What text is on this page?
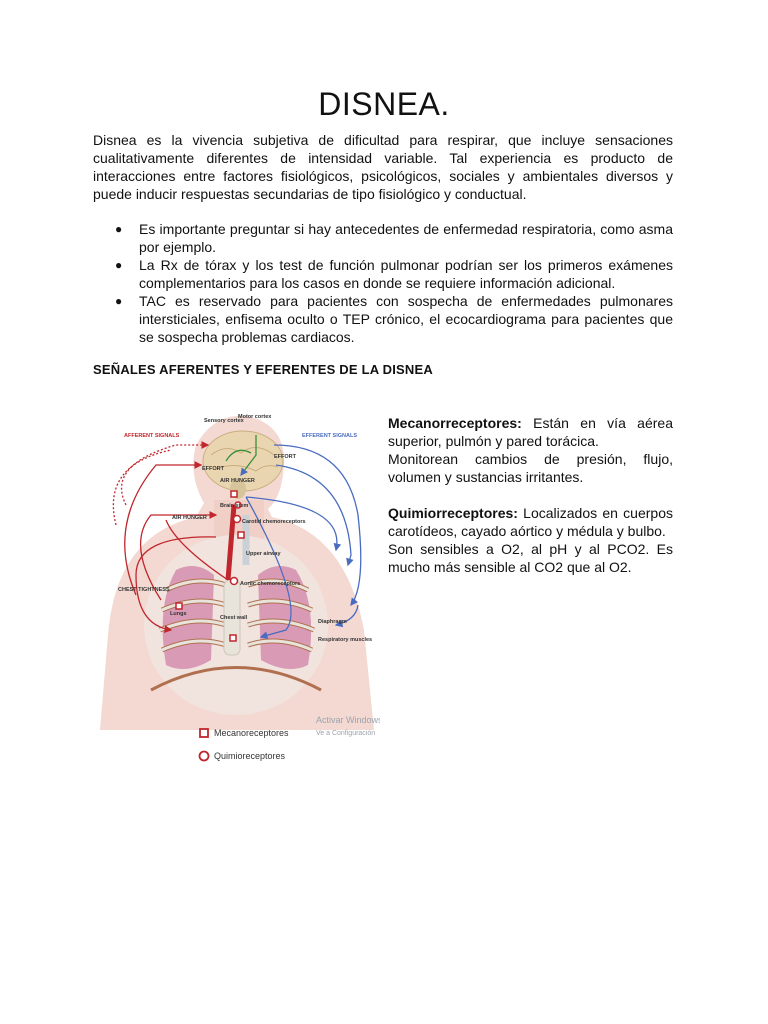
DISNEA.
Disnea es la vivencia subjetiva de dificultad para respirar, que incluye sensaciones cualitativamente diferentes de intensidad variable. Tal experiencia es producto de interacciones entre factores fisiológicos, psicológicos, sociales y ambientales diversos y puede inducir respuestas secundarias de tipo fisiológico y conductual.
● Es importante preguntar si hay antecedentes de enfermedad respiratoria, como asma por ejemplo.
● La Rx de tórax y los test de función pulmonar podrían ser los primeros exámenes complementarios para los casos en donde se requiere información adicional.
● TAC es reservado para pacientes con sospecha de enfermedades pulmonares intersticiales, enfisema oculto o TEP crónico, el ecocardiograma para pacientes que se sospecha problemas cardiacos.
SEÑALES AFERENTES Y EFERENTES DE LA DISNEA
Sensory cortex
Motor cortex
AFFERENT SIGNALS	EFFERENT SIGNALS
EFFORT
EFFORT
AIR HUNGER
Brain stem
AIR HUNGER
Carotid chemoreceptors
Upper airway
CHEST TIGHTNESS
Aortic chemoreceptors
Lungs
Chest wall
Diaphragm
Respiratory muscles
Activar Windows
Ve a Configuración
Mecanoreceptores
Quimioreceptores

Mecanorreceptores: Están en vía aérea superior, pulmón y pared torácica.
Monitorean cambios de presión, flujo, volumen y sustancias irritantes.

Quimiorreceptores: Localizados en cuerpos carotídeos, cayado aórtico y médula y bulbo.
Son sensibles a O2, al pH y al PCO2. Es mucho más sensible al CO2 que al O2.
